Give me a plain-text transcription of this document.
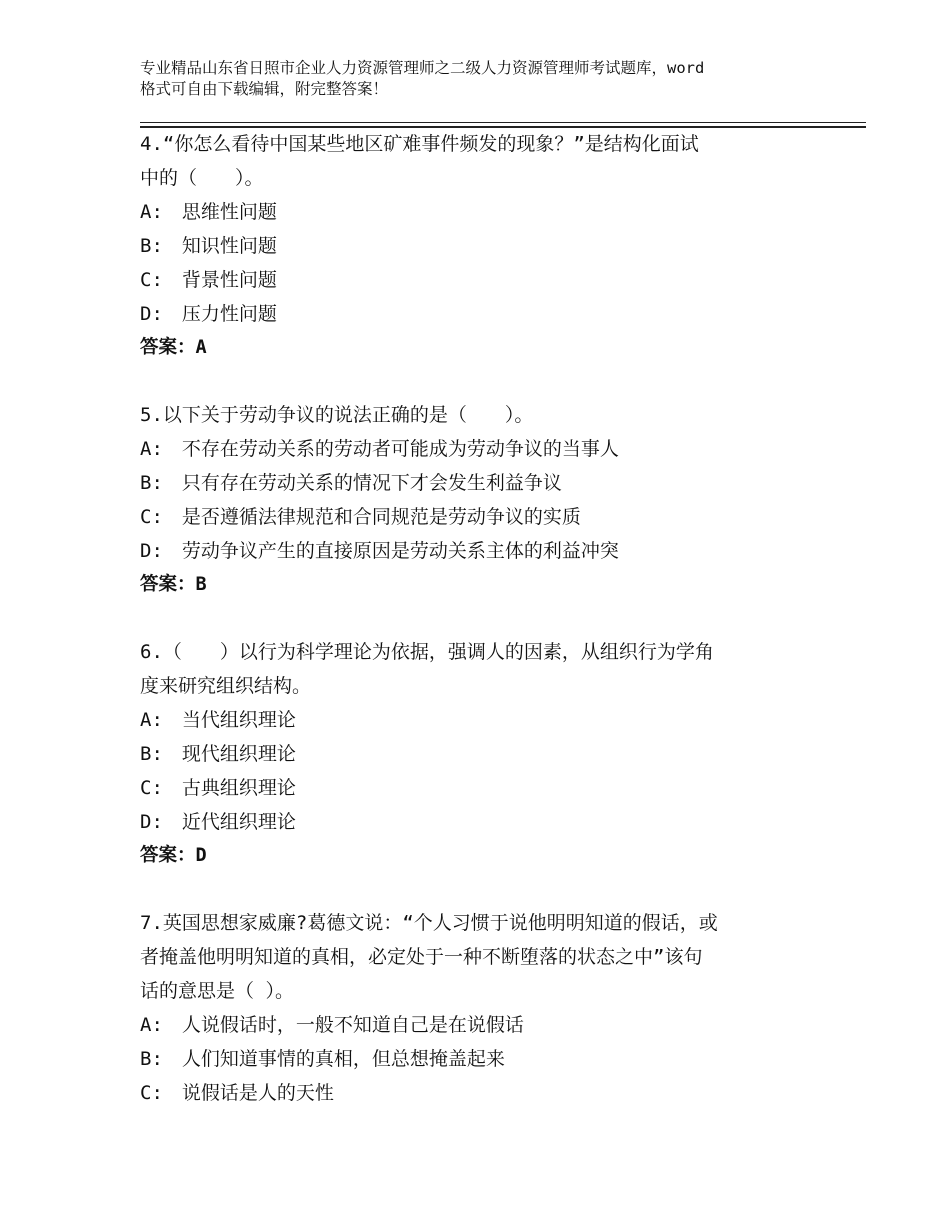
专业精品山东省日照市企业人力资源管理师之二级人力资源管理师考试题库，word
格式可自由下载编辑，附完整答案！
4.“你怎么看待中国某些地区矿难事件频发的现象？”是结构化面试
中的（　　）。
A:　思维性问题
B:　知识性问题
C:　背景性问题
D:　压力性问题
答案：A
5.以下关于劳动争议的说法正确的是（　　）。
A:　不存在劳动关系的劳动者可能成为劳动争议的当事人
B:　只有存在劳动关系的情况下才会发生利益争议
C:　是否遵循法律规范和合同规范是劳动争议的实质
D:　劳动争议产生的直接原因是劳动关系主体的利益冲突
答案：B
6.（　　）以行为科学理论为依据，强调人的因素，从组织行为学角
度来研究组织结构。
A:　当代组织理论
B:　现代组织理论
C:　古典组织理论
D:　近代组织理论
答案：D
7.英国思想家威廉?葛德文说：“个人习惯于说他明明知道的假话，或
者掩盖他明明知道的真相，必定处于一种不断堕落的状态之中”该句
话的意思是（ ）。
A:　人说假话时，一般不知道自己是在说假话
B:　人们知道事情的真相，但总想掩盖起来
C:　说假话是人的天性
